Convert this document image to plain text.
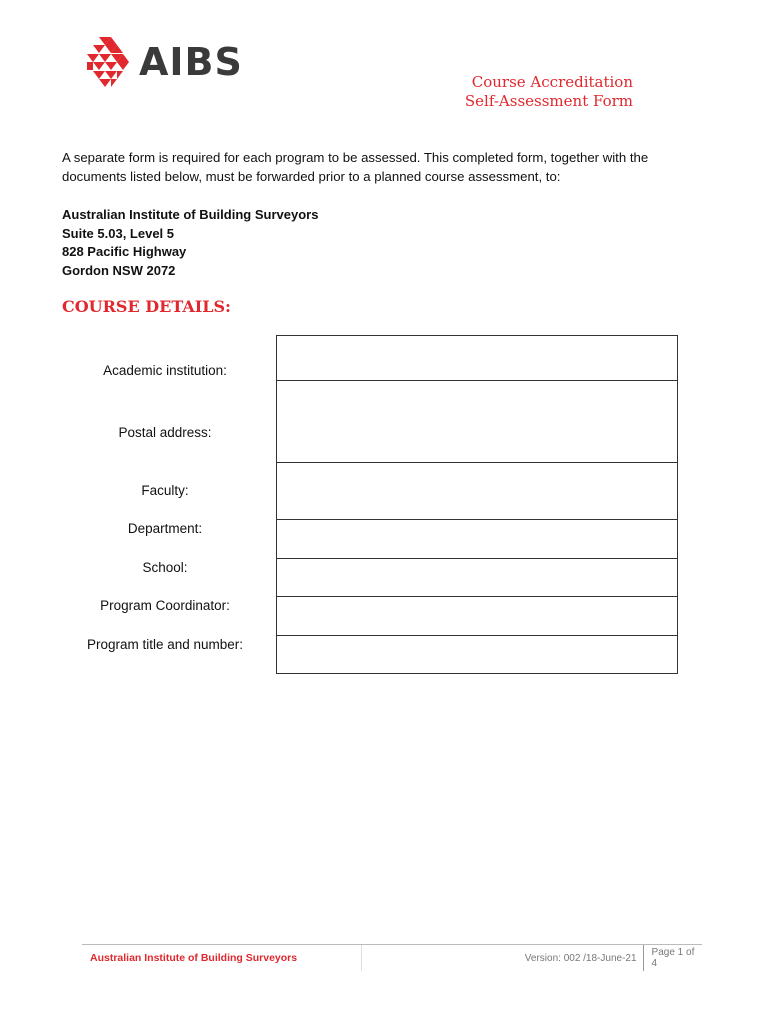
AIBS	Course Accreditation
Self-Assessment Form
A separate form is required for each program to be assessed. This completed form, together with the
documents listed below, must be forwarded prior to a planned course assessment, to:
Australian Institute of Building Surveyors
Suite 5.03, Level 5
828 Pacific Highway
Gordon NSW 2072
COURSE DETAILS:
Academic institution:
Postal address:
Faculty:
Department:
School:
Program Coordinator:
Program title and number:
Australian Institute of Building Surveyors	Version: 002 /18-June-21	Page 1 of 4
